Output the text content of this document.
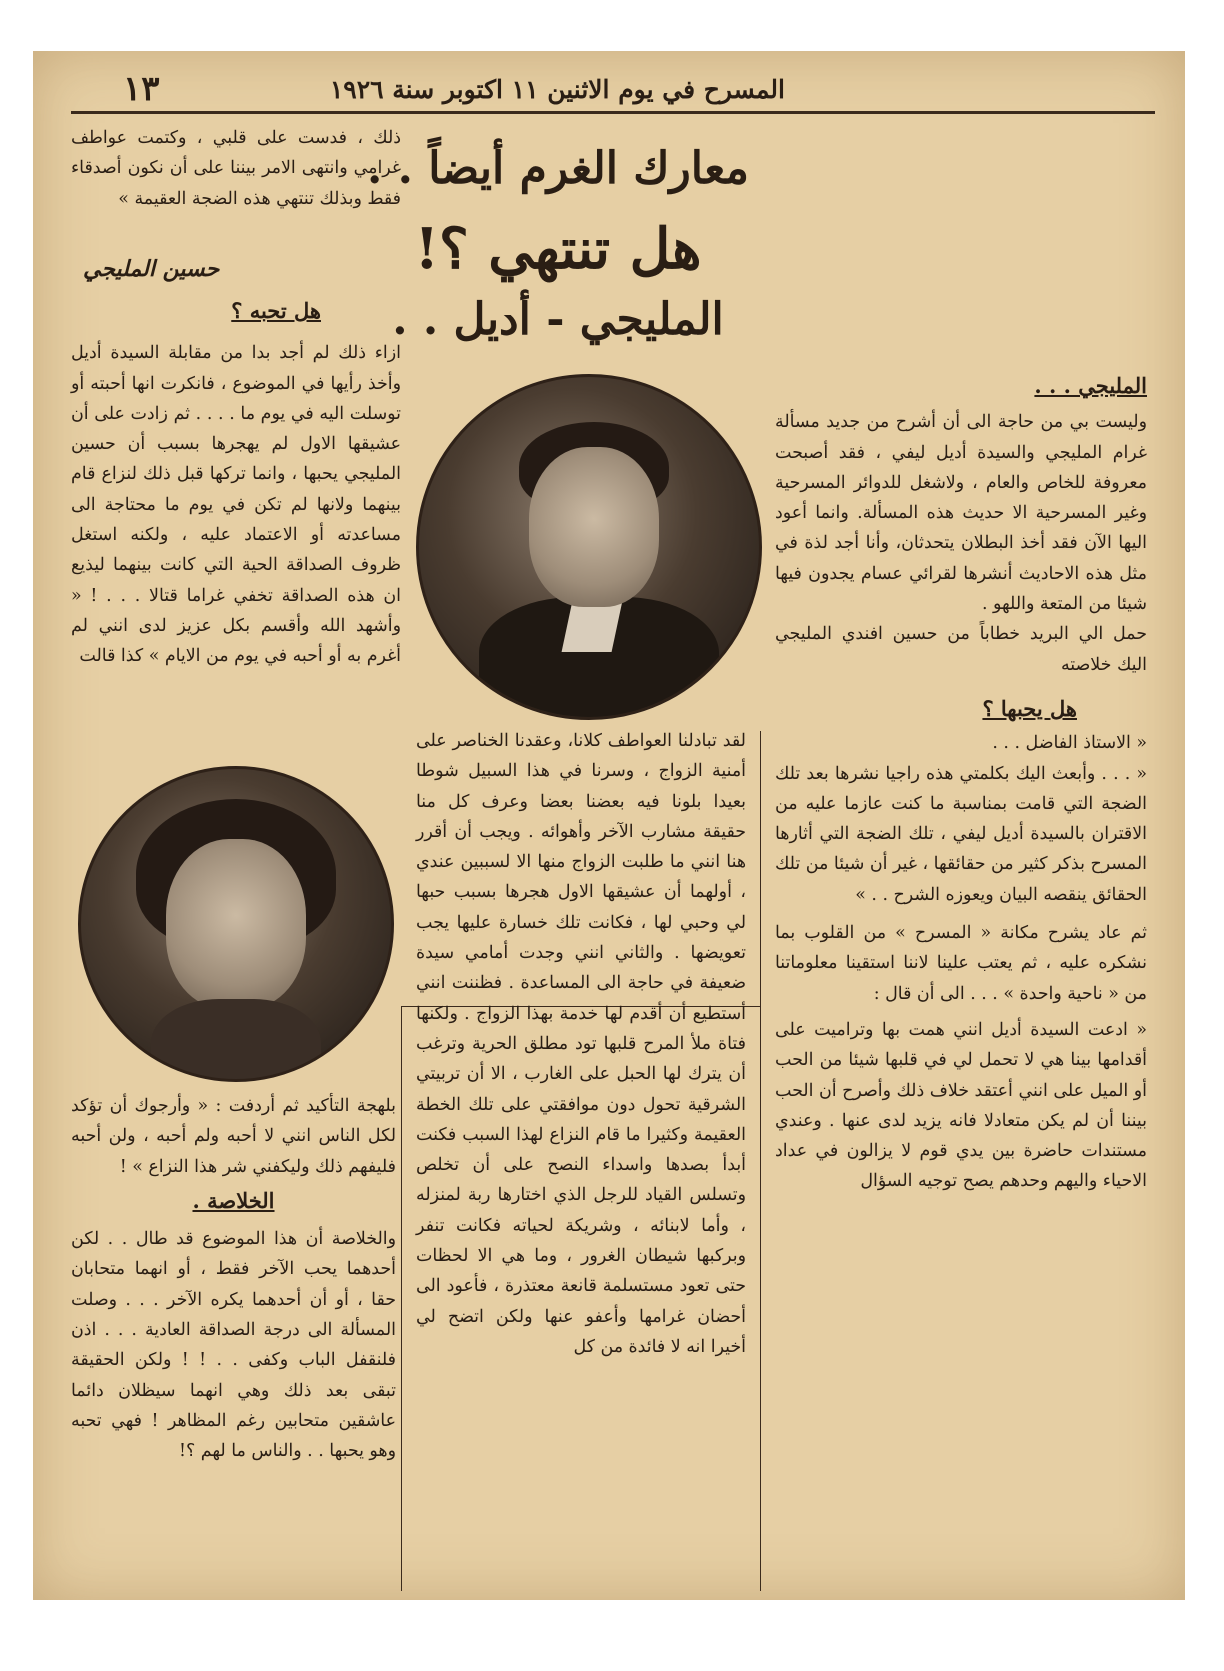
المسرح في يوم الاثنين ١١ اكتوبر سنة ١٩٢٦
١٣
معارك الغرم أيضاً . .
هل تنتهي ؟!
المليجي - أديل . .

المليجي . . .

وليست بي من حاجة الى أن أشرح من جديد مسألة غرام المليجي والسيدة أديل ليفي ، فقد أصبحت معروفة للخاص والعام ، ولاشغل للدوائر المسرحية وغير المسرحية الا حديث هذه المسألة. وانما أعود اليها الآن فقد أخذ البطلان يتحدثان، وأنا أجد لذة في مثل هذه الاحاديث أنشرها لقرائي عسام يجدون فيها شيئا من المتعة واللهو .

حمل الي البريد خطاباً من حسين افندي المليجي اليك خلاصته

هل يحبها ؟

« الاستاذ الفاضل . . .

« . . . وأبعث اليك بكلمتي هذه راجيا نشرها بعد تلك الضجة التي قامت بمناسبة ما كنت عازما عليه من الاقتران بالسيدة أديل ليفي ، تلك الضجة التي أثارها المسرح بذكر كثير من حقائقها ، غير أن شيئا من تلك الحقائق ينقصه البيان ويعوزه الشرح . . »

ثم عاد يشرح مكانة « المسرح » من القلوب بما نشكره عليه ، ثم يعتب علينا لاننا استقينا معلوماتنا من « ناحية واحدة » . . . الى أن قال :

« ادعت السيدة أديل انني همت بها وترامیت على أقدامها بينا هي لا تحمل لي في قلبها شيئا من الحب أو الميل على انني أعتقد خلاف ذلك وأصرح أن الحب بيننا أن لم يكن متعادلا فانه يزيد لدى عنها . وعندي مستندات حاضرة بين يدي قوم لا يزالون في عداد الاحياء واليهم وحدهم يصح توجيه السؤال

لقد تبادلنا العواطف كلانا، وعقدنا الخناصر على أمنية الزواج ، وسرنا في هذا السبيل شوطا بعيدا بلونا فيه بعضنا بعضا وعرف كل منا حقيقة مشارب الآخر وأهوائه . ويجب أن أقرر هنا انني ما طلبت الزواج منها الا لسببين عندي ، أولهما أن عشيقها الاول هجرها بسبب حبها لي وحبي لها ، فكانت تلك خسارة عليها يجب تعويضها . والثاني انني وجدت أمامي سيدة ضعيفة في حاجة الى المساعدة . فظننت انني أستطيع أن أقدم لها خدمة بهذا الزواج . ولكنها فتاة ملأ المرح قلبها تود مطلق الحرية وترغب أن يترك لها الحبل على الغارب ، الا أن تربيتي الشرقية تحول دون موافقتي على تلك الخطة العقيمة وكثيرا ما قام النزاع لهذا السبب فكنت أبدأ بصدها واسداء النصح على أن تخلص وتسلس القياد للرجل الذي اختارها ربة لمنزله ، وأما لابنائه ، وشريكة لحياته فكانت تنفر وبركبها شيطان الغرور ، وما هي الا لحظات حتى تعود مستسلمة قانعة معتذرة ، فأعود الى أحضان غرامها وأعفو عنها ولكن اتضح لي أخيرا انه لا فائدة من كل

ذلك ، فدست على قلبي ، وكتمت عواطف غرامي وانتهى الامر بيننا على أن نكون أصدقاء فقط وبذلك تنتهي هذه الضجة العقيمة »

حسين المليجي

هل تحبه ؟

ازاء ذلك لم أجد بدا من مقابلة السيدة أديل وأخذ رأيها في الموضوع ، فانكرت انها أحبته أو توسلت اليه في يوم ما . . . . ثم زادت على أن عشيقها الاول لم يهجرها بسبب أن حسين المليجي يحبها ، وانما تركها قبل ذلك لنزاع قام بينهما ولانها لم تكن في يوم ما محتاجة الى مساعدته أو الاعتماد عليه ، ولكنه استغل ظروف الصداقة الحية التي كانت بينهما ليذيع ان هذه الصداقة تخفي غراما قتالا . . . ! « وأشهد الله وأقسم بكل عزيز لدى انني لم أغرم به أو أحبه في يوم من الايام » كذا قالت

بلهجة التأكيد ثم أردفت : « وأرجوك أن تؤكد لكل الناس انني لا أحبه ولم أحبه ، ولن أحبه فليفهم ذلك وليكفني شر هذا النزاع » !

الخلاصة .

والخلاصة أن هذا الموضوع قد طال . . لكن أحدهما يحب الآخر فقط ، أو انهما متحابان حقا ، أو أن أحدهما يكره الآخر . . . وصلت المسألة الى درجة الصداقة العادية . . . اذن فلنقفل الباب وكفى . . ! ! ولكن الحقيقة تبقى بعد ذلك وهي انهما سيظلان دائما عاشقين متحابين رغم المظاهر ! فهي تحبه وهو يحبها . . والناس ما لهم ؟!
